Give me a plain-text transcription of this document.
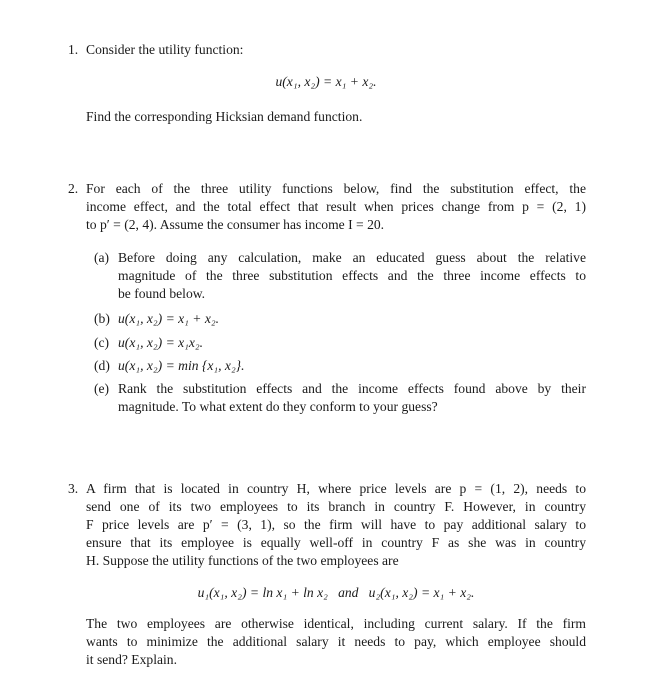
1. Consider the utility function:
u(x₁, x₂) = x₁ + x₂.
Find the corresponding Hicksian demand function.
2. For each of the three utility functions below, find the substitution effect, the
income effect, and the total effect that result when prices change from p = (2, 1)
to p′ = (2, 4). Assume the consumer has income I = 20.
(a) Before doing any calculation, make an educated guess about the relative
magnitude of the three substitution effects and the three income effects to
be found below.
(b) u(x₁, x₂) = x₁ + x₂.
(c) u(x₁, x₂) = x₁x₂.
(d) u(x₁, x₂) = min {x₁, x₂}.
(e) Rank the substitution effects and the income effects found above by their
magnitude. To what extent do they conform to your guess?
3. A firm that is located in country H, where price levels are p = (1, 2), needs to
send one of its two employees to its branch in country F. However, in country
F price levels are p′ = (3, 1), so the firm will have to pay additional salary to
ensure that its employee is equally well-off in country F as she was in country
H. Suppose the utility functions of the two employees are
u₁(x₁, x₂) = ln x₁ + ln x₂   and   u₂(x₁, x₂) = x₁ + x₂.
The two employees are otherwise identical, including current salary. If the firm
wants to minimize the additional salary it needs to pay, which employee should
it send? Explain.
